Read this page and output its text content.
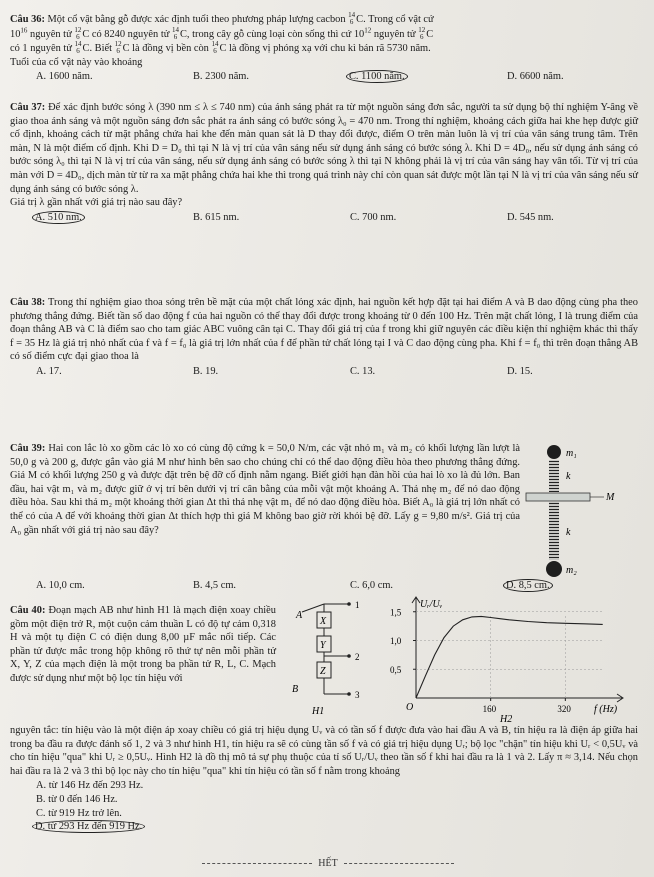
Câu 36: Một cổ vật bằng gỗ được xác định tuổi theo phương pháp lượng cacbon 14
6 C. Trong cổ vật cứ
$10^{16}$ nguyên tử 12
6 C có 8240 nguyên tử 14
6 C, trong cây gỗ cùng loại còn sống thì cứ $10^{12}$ nguyên tử 12
6 C
có 1 nguyên tử 14
6 C. Biết 12
6 C là đồng vị bền còn 14
6 C là đồng vị phóng xạ với chu kì bán rã 5730 năm.
Tuổi của cổ vật này vào khoảng

A. 1600 năm.	B. 2300 năm.	C. 1100 năm.	D. 6600 năm.

Câu 37: Để xác định bước sóng λ (390 nm ≤ λ ≤ 740 nm) của ánh sáng phát ra từ một nguồn sáng đơn sắc, người ta sử dụng bộ thí nghiệm Y-âng về giao thoa ánh sáng và một nguồn sáng đơn sắc phát ra ánh sáng có bước sóng λ₀ = 470 nm. Trong thí nghiệm, khoảng cách giữa hai khe hẹp được giữ cố định, khoảng cách từ mặt phẳng chứa hai khe đến màn quan sát là D thay đổi được, điểm O trên màn luôn là vị trí của vân sáng trung tâm. Trên màn, N là một điểm cố định. Khi D = D₀ thì tại N là vị trí của vân sáng nếu sử dụng ánh sáng có bước sóng λ. Khi D = 4D₀, nếu sử dụng ánh sáng có bước sóng λ₀ thì tại N là vị trí của vân sáng, nếu sử dụng ánh sáng có bước sóng λ thì tại N không phải là vị trí của vân sáng hay vân tối. Từ vị trí của màn với D = 4D₀, dịch màn từ từ ra xa mặt phẳng chứa hai khe thì trong quá trình này chỉ còn quan sát được một lần tại N là vị trí của vân sáng nếu sử dụng ánh sáng có bước sóng λ.

Giá trị λ gần nhất với giá trị nào sau đây?

A. 510 nm.	B. 615 nm.	C. 700 nm.	D. 545 nm.

Câu 38: Trong thí nghiệm giao thoa sóng trên bề mặt của một chất lỏng xác định, hai nguồn kết hợp đặt tại hai điểm A và B dao động cùng pha theo phương thẳng đứng. Biết tần số dao động f của hai nguồn có thể thay đổi được trong khoảng từ 0 đến 100 Hz. Trên mặt chất lỏng, I là trung điểm của đoạn thẳng AB và C là điểm sao cho tam giác ABC vuông cân tại C. Thay đổi giá trị của f trong khi giữ nguyên các điều kiện thí nghiệm khác thì thấy f = 35 Hz là giá trị nhỏ nhất của f và f = f₀ là giá trị lớn nhất của f để phần tử chất lỏng tại I và C dao động cùng pha. Khi f = f₀ thì trên đoạn thẳng AB có số điểm cực đại giao thoa là

A. 17.	B. 19.	C. 13.	D. 15.

Câu 39: Hai con lắc lò xo gồm các lò xo có cùng độ cứng k = 50,0 N/m, các vật nhỏ m₁ và m₂ có khối lượng lần lượt là 50,0 g và 200 g, được gắn vào giá M như hình bên sao cho chúng chỉ có thể dao động điều hòa theo phương thẳng đứng. Giá M có khối lượng 250 g và được đặt trên bệ đỡ cố định nằm ngang. Biết giới hạn đàn hồi của hai lò xo là đủ lớn. Ban đầu, hai vật m₁ và m₂ được giữ ở vị trí bên dưới vị trí cân bằng của mỗi vật một khoảng A. Thả nhẹ m₂ để nó dao động điều hòa. Sau khi thả m₂ một khoảng thời gian Δt thì thả nhẹ vật m₁ để nó dao động điều hòa. Biết A₀ là giá trị lớn nhất có thể có của A để với khoảng thời gian Δt thích hợp thì giá M không bao giờ rời khỏi bệ đỡ. Lấy g = 9,80 m/s². Giá trị của A₀ gần nhất với giá trị nào sau đây?

A. 10,0 cm.	B. 4,5 cm.	C. 6,0 cm.	D. 8,5 cm.
m₁
k
M
k
m₂

Câu 40: Đoạn mạch AB như hình H1 là mạch điện xoay chiều gồm một điện trở R, một cuộn cảm thuần L có độ tự cảm 0,318 H và một tụ điện C có điện dung 8,00 µF mắc nối tiếp. Các phần tử được mắc trong hộp không rõ thứ tự nên mỗi phần tử X, Y, Z của mạch điện là một trong ba phần tử R, L, C. Mạch được sử dụng như một bộ lọc tín hiệu với

A
B
X
Y
Z
1
2
3
H1
0,5
1,0
1,5
160	320
Uᵣ/Uᵥ
f (Hz)
O
H2

nguyên tắc: tín hiệu vào là một điện áp xoay chiều có giá trị hiệu dụng Uᵥ và có tần số f được đưa vào hai đầu A và B, tín hiệu ra là điện áp giữa hai trong ba đầu ra được đánh số 1, 2 và 3 như hình H1, tín hiệu ra sẽ có cùng tần số f và có giá trị hiệu dụng Uᵣ; bộ lọc "chặn" tín hiệu khi Uᵣ < 0,5Uᵥ và cho tín hiệu "qua" khi Uᵣ ≥ 0,5Uᵥ. Hình H2 là đồ thị mô tả sự phụ thuộc của tỉ số Uᵣ/Uᵥ theo tần số f khi hai đầu ra là 1 và 2. Lấy π ≈ 3,14. Nếu chọn hai đầu ra là 2 và 3 thì bộ lọc này cho tín hiệu "qua" khi tín hiệu có tần số f nằm trong khoảng

A. từ 146 Hz đến 293 Hz.
B. từ 0 đến 146 Hz.
C. từ 919 Hz trở lên.
D. từ 293 Hz đến 919 Hz.
HẾT
